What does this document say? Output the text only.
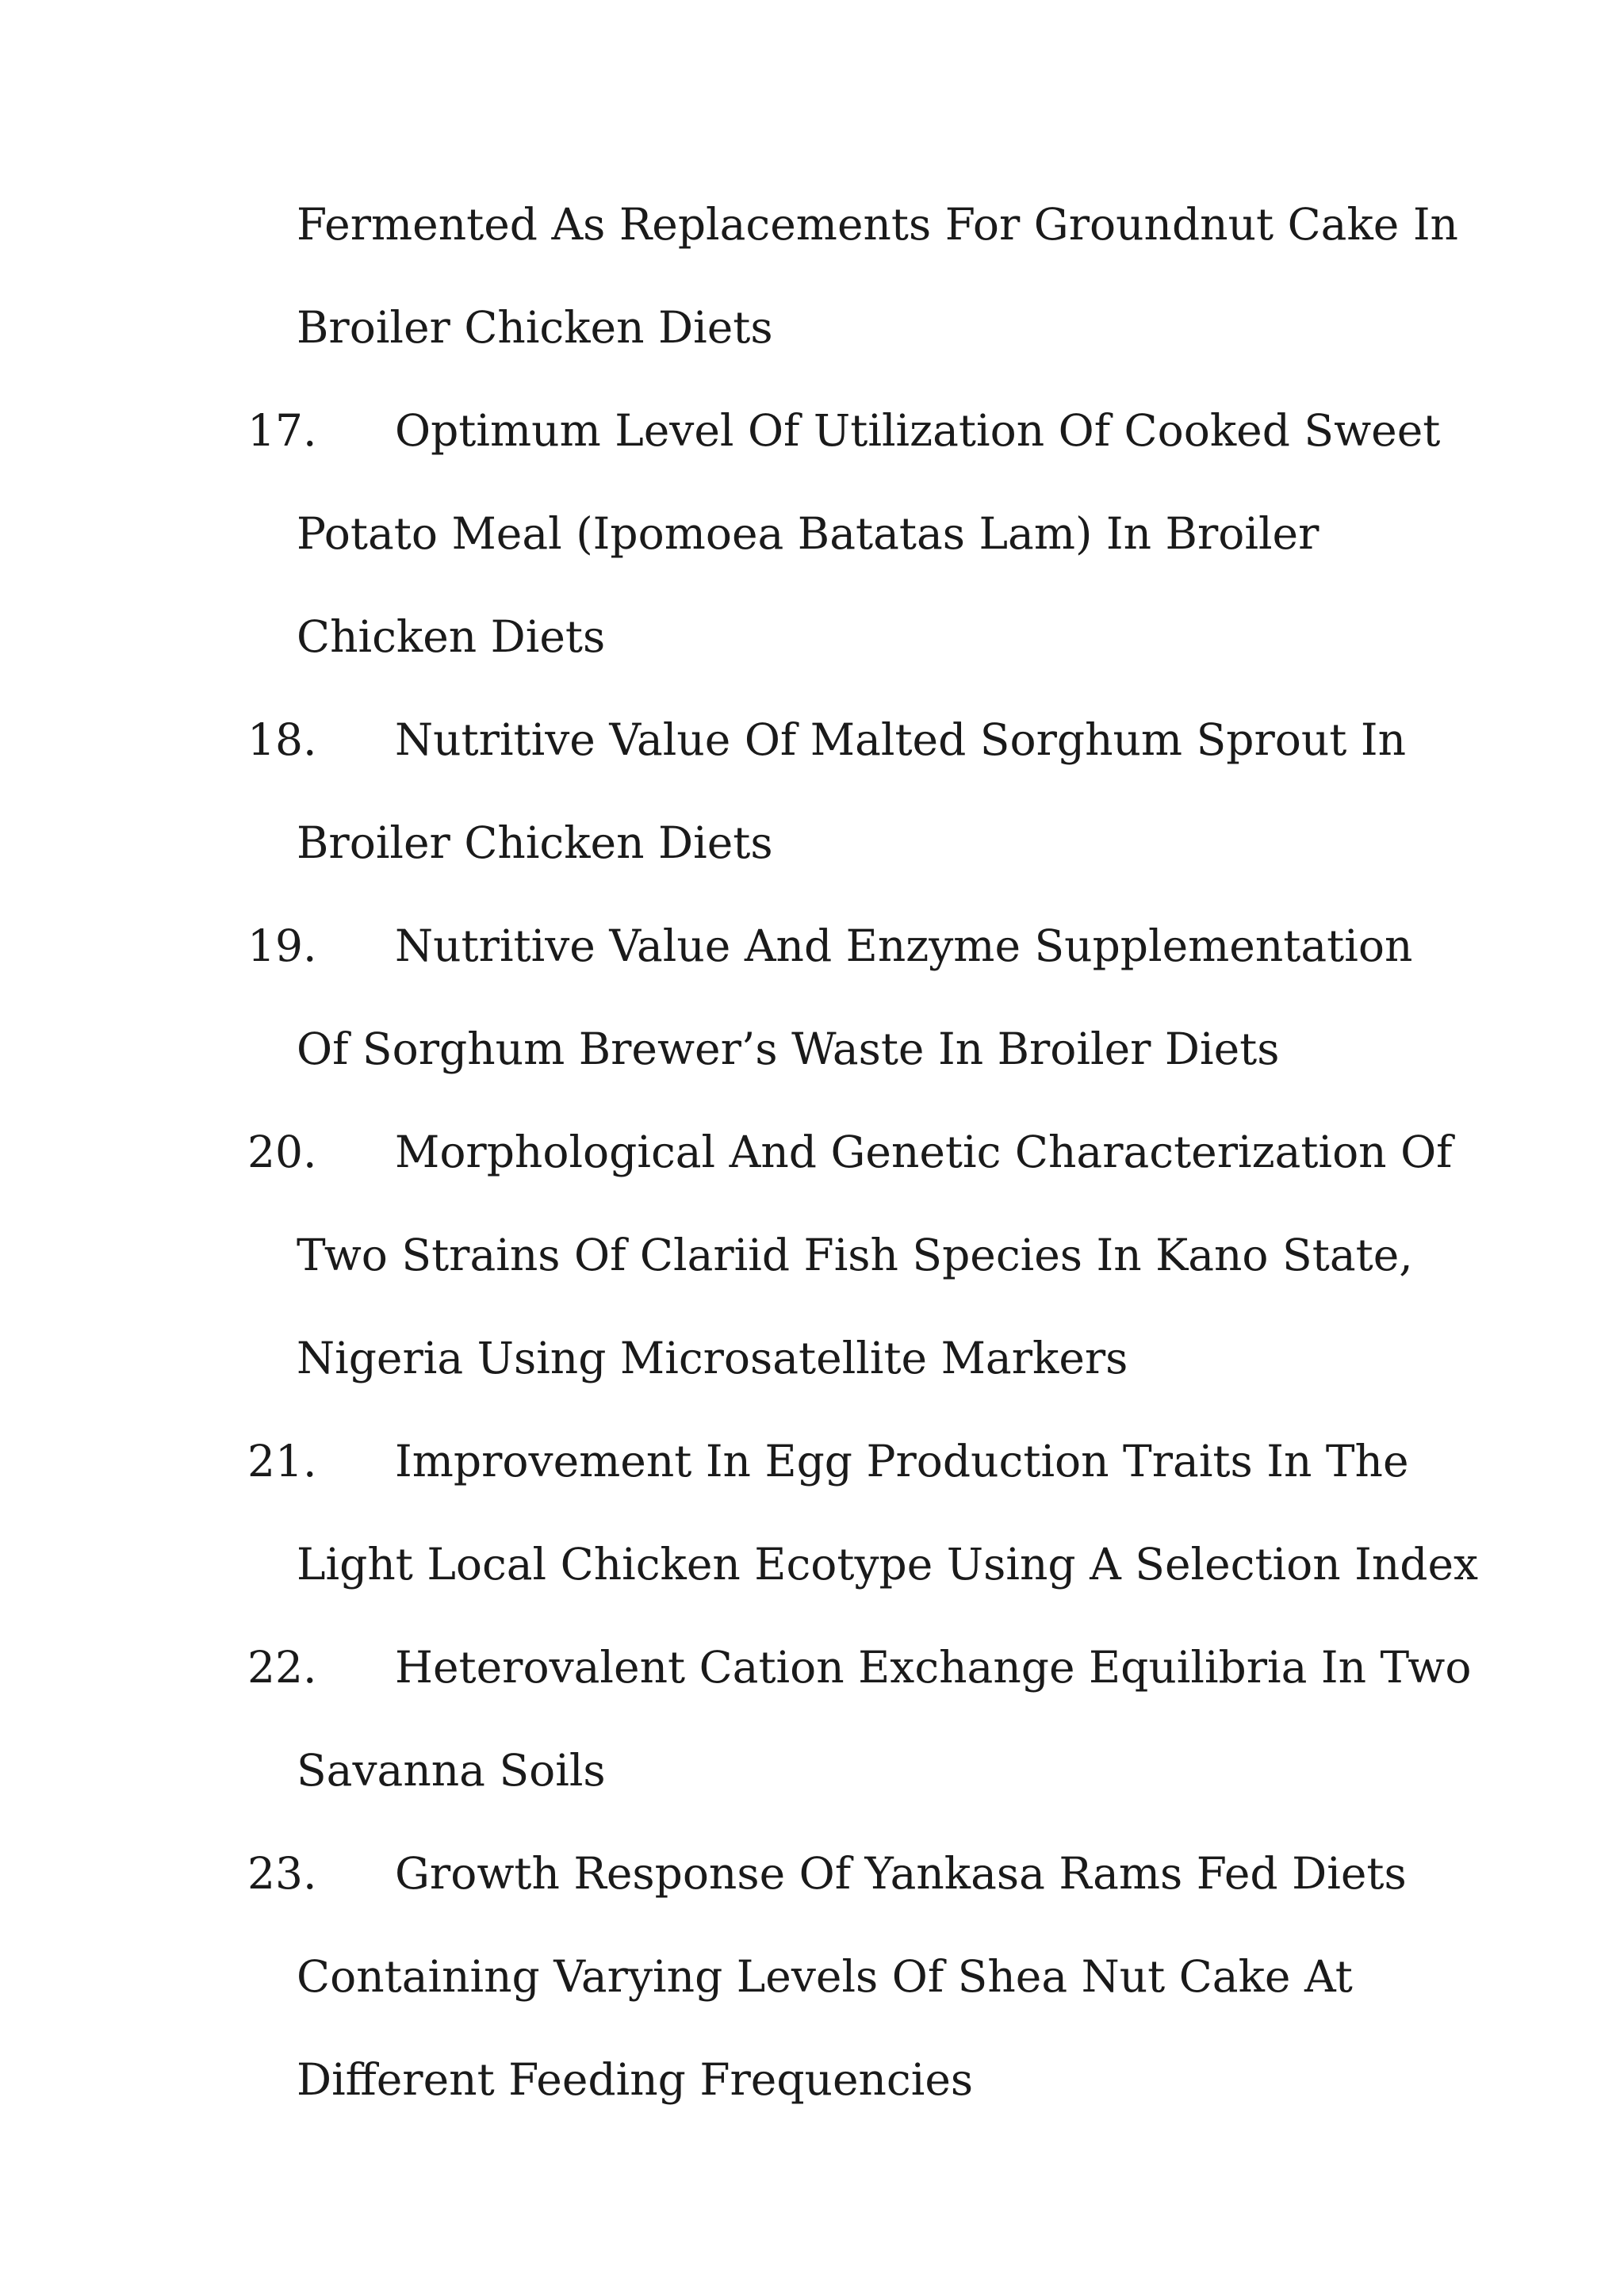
Fermented As Replacements For Groundnut Cake In
Broiler Chicken Diets
17. Optimum Level Of Utilization Of Cooked Sweet
Potato Meal (Ipomoea Batatas Lam) In Broiler
Chicken Diets
18. Nutritive Value Of Malted Sorghum Sprout In
Broiler Chicken Diets
19. Nutritive Value And Enzyme Supplementation
Of Sorghum Brewer’s Waste In Broiler Diets
20. Morphological And Genetic Characterization Of
Two Strains Of Clariid Fish Species In Kano State,
Nigeria Using Microsatellite Markers
21. Improvement In Egg Production Traits In The
Light Local Chicken Ecotype Using A Selection Index
22. Heterovalent Cation Exchange Equilibria In Two
Savanna Soils
23. Growth Response Of Yankasa Rams Fed Diets
Containing Varying Levels Of Shea Nut Cake At
Different Feeding Frequencies
